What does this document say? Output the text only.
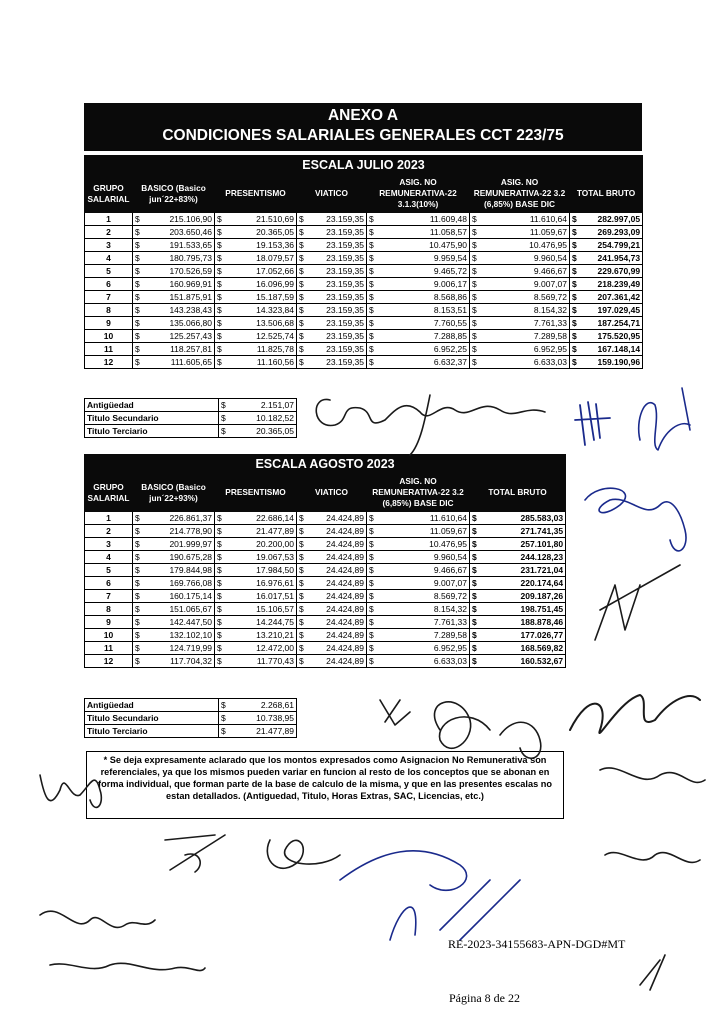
ANEXO A
CONDICIONES SALARIALES GENERALES CCT 223/75
ESCALA JULIO 2023						
GRUPO SALARIAL	BASICO (Basico jun´22+83%)	PRESENTISMO	VIATICO	ASIG. NO REMUNERATIVA-22 3.1.3(10%)	ASIG. NO REMUNERATIVA-22 3.2 (6,85%) BASE DIC	TOTAL BRUTO
1	$ 215.106,90	$ 21.510,69	$ 23.159,35	$ 11.609,48	$ 11.610,64	$ 282.997,05

2	$ 203.650,46	$ 20.365,05	$ 23.159,35	$ 11.058,57	$ 11.059,67	$ 269.293,09

3	$ 191.533,65	$ 19.153,36	$ 23.159,35	$ 10.475,90	$ 10.476,95	$ 254.799,21

4	$ 180.795,73	$ 18.079,57	$ 23.159,35	$ 9.959,54	$ 9.960,54	$ 241.954,73

5	$ 170.526,59	$ 17.052,66	$ 23.159,35	$ 9.465,72	$ 9.466,67	$ 229.670,99

6	$ 160.969,91	$ 16.096,99	$ 23.159,35	$ 9.006,17	$ 9.007,07	$ 218.239,49

7	$ 151.875,91	$ 15.187,59	$ 23.159,35	$ 8.568,86	$ 8.569,72	$ 207.361,42

8	$ 143.238,43	$ 14.323,84	$ 23.159,35	$ 8.153,51	$ 8.154,32	$ 197.029,45

9	$ 135.066,80	$ 13.506,68	$ 23.159,35	$ 7.760,55	$ 7.761,33	$ 187.254,71

10	$ 125.257,43	$ 12.525,74	$ 23.159,35	$ 7.288,85	$ 7.289,58	$ 175.520,95

11	$ 118.257,81	$ 11.825,78	$ 23.159,35	$ 6.952,25	$ 6.952,95	$ 167.148,14

12	$ 111.605,65	$ 11.160,56	$ 23.159,35	$ 6.632,37	$ 6.633,03	$ 159.190,96
Antigüedad	$ 2.151,07

Titulo Secundario	$ 10.182,52

Titulo Terciario	$ 20.365,05
ESCALA AGOSTO 2023					
GRUPO SALARIAL	BASICO (Basico jun´22+93%)	PRESENTISMO	VIATICO	ASIG. NO REMUNERATIVA-22 3.2 (6,85%) BASE DIC	TOTAL BRUTO
1	$ 226.861,37	$ 22.686,14	$ 24.424,89	$ 11.610,64	$ 285.583,03

2	$ 214.778,90	$ 21.477,89	$ 24.424,89	$ 11.059,67	$ 271.741,35

3	$ 201.999,97	$ 20.200,00	$ 24.424,89	$ 10.476,95	$ 257.101,80

4	$ 190.675,28	$ 19.067,53	$ 24.424,89	$ 9.960,54	$ 244.128,23

5	$ 179.844,98	$ 17.984,50	$ 24.424,89	$ 9.466,67	$ 231.721,04

6	$ 169.766,08	$ 16.976,61	$ 24.424,89	$ 9.007,07	$ 220.174,64

7	$ 160.175,14	$ 16.017,51	$ 24.424,89	$ 8.569,72	$ 209.187,26

8	$ 151.065,67	$ 15.106,57	$ 24.424,89	$ 8.154,32	$ 198.751,45

9	$ 142.447,50	$ 14.244,75	$ 24.424,89	$ 7.761,33	$ 188.878,46

10	$ 132.102,10	$ 13.210,21	$ 24.424,89	$ 7.289,58	$ 177.026,77

11	$ 124.719,99	$ 12.472,00	$ 24.424,89	$ 6.952,95	$ 168.569,82

12	$ 117.704,32	$ 11.770,43	$ 24.424,89	$ 6.633,03	$ 160.532,67
Antigüedad	$ 2.268,61

Titulo Secundario	$ 10.738,95

Titulo Terciario	$ 21.477,89
* Se deja expresamente aclarado que los montos expresados como Asignacion No Remunerativa son referenciales, ya que los mismos pueden variar en funcion al resto de los conceptos que se abonan en forma individual, que forman parte de la base de calculo de la misma, y que en las presentes escalas no estan detallados. (Antiguedad, Titulo, Horas Extras, SAC, Licencias, etc.)
RE-2023-34155683-APN-DGD#MT
Página 8 de 22
